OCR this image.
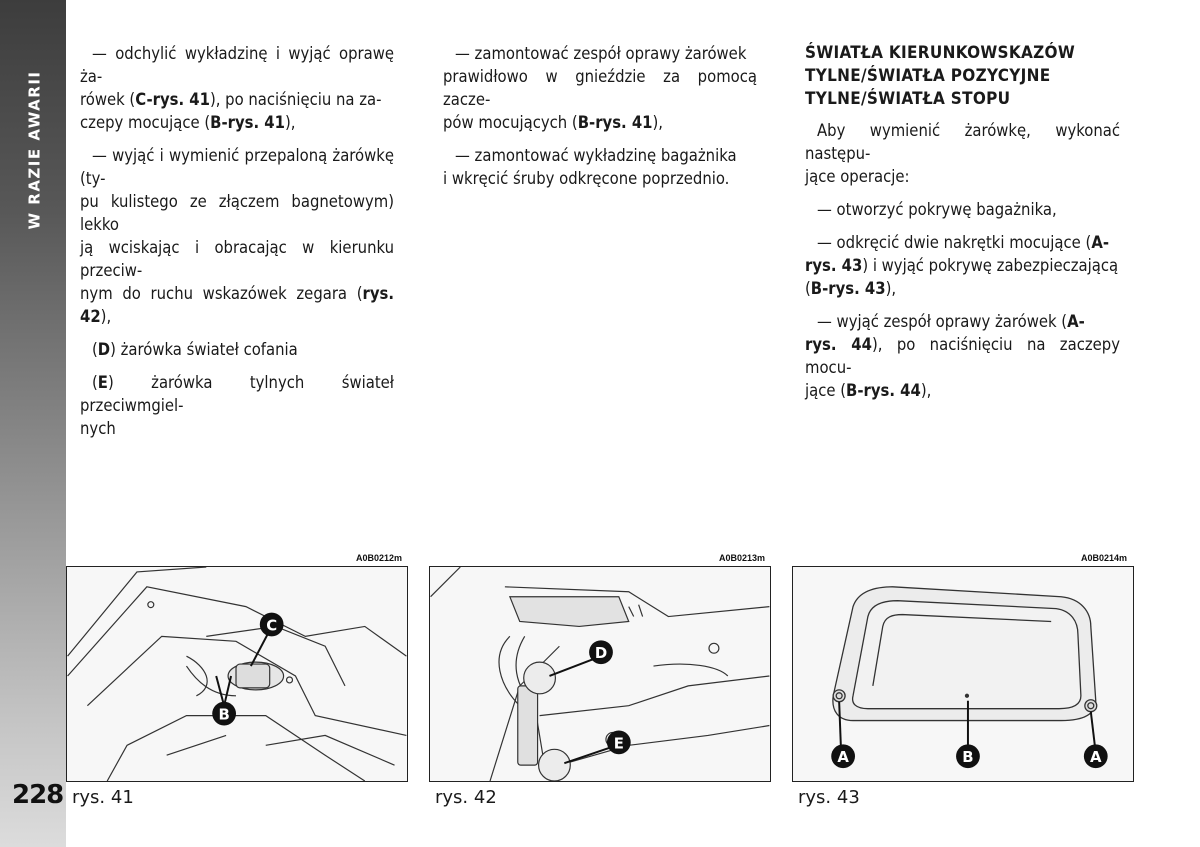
W RAZIE AWARII
228

— odchylić wykładzinę i wyjąć oprawę ża-
rówek (C-rys. 41), po naciśnięciu na za-
czepy mocujące (B-rys. 41),

— wyjąć i wymienić przepaloną żarówkę (ty-
pu kulistego ze złączem bagnetowym) lekko
ją wciskając i obracając w kierunku przeciw-
nym do ruchu wskazówek zegara (rys. 42),

(D) żarówka świateł cofania

(E) żarówka tylnych świateł przeciwmgiel-
nych

— zamontować zespół oprawy żarówek
prawidłowo w gnieździe za pomocą zacze-
pów mocujących (B-rys. 41),

— zamontować wykładzinę bagażnika
i wkręcić śruby odkręcone poprzednio.

ŚWIATŁA KIERUNKOWSKAZÓW
TYLNE/ŚWIATŁA POZYCYJNE
TYLNE/ŚWIATŁA STOPU

Aby wymienić żarówkę, wykonać następu-
jące operacje:

— otworzyć pokrywę bagażnika,

— odkręcić dwie nakrętki mocujące (A-
rys. 43) i wyjąć pokrywę zabezpieczającą
(B-rys. 43),

— wyjąć zespół oprawy żarówek (A-
rys. 44), po naciśnięciu na zaczepy mocu-
jące (B-rys. 44),

A0B0212m
C
B
rys. 41
A0B0213m
D
E
rys. 42
A0B0214m
A	B	A
rys. 43
